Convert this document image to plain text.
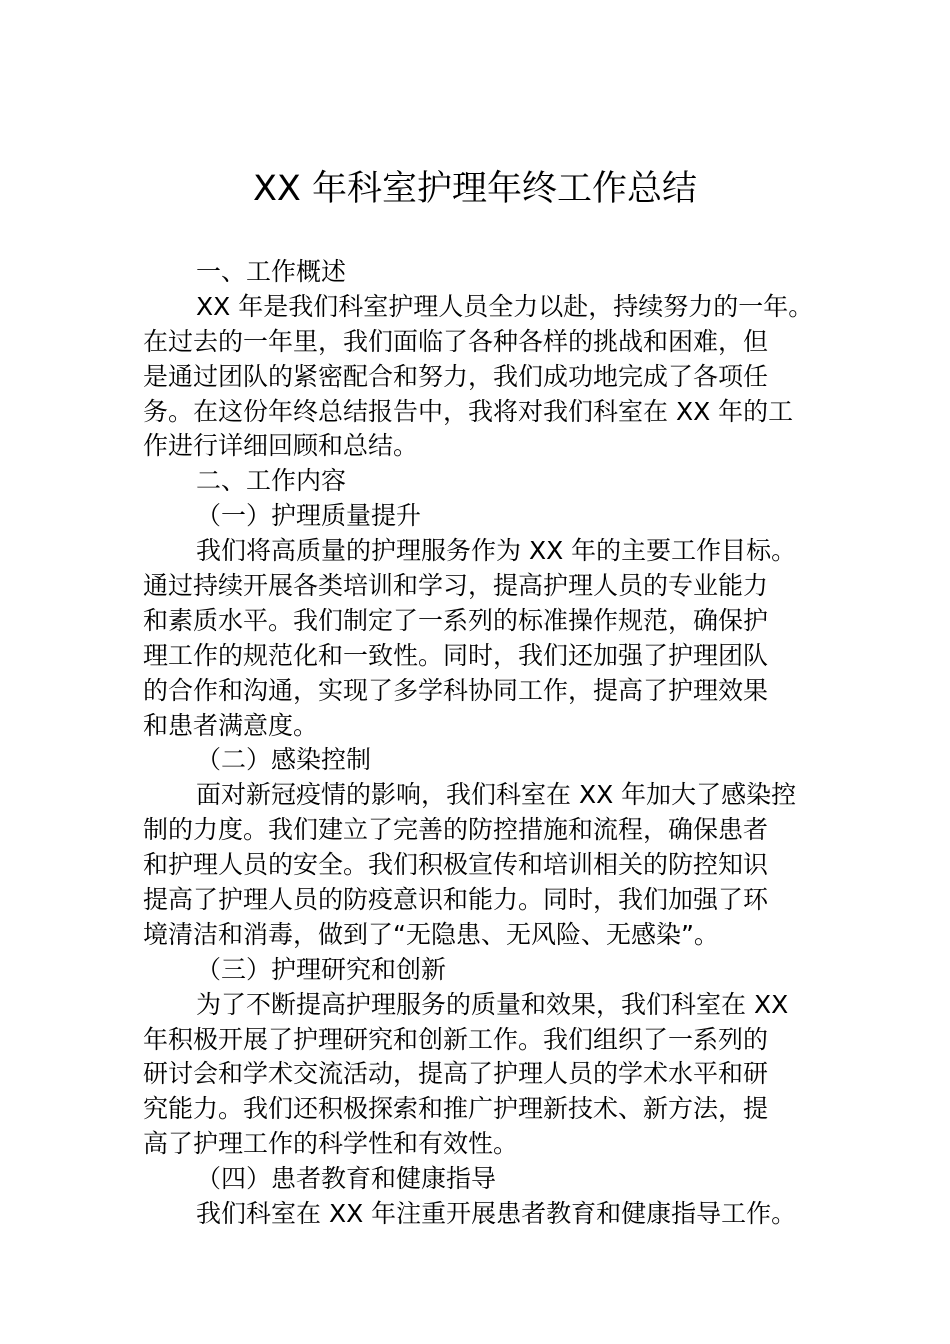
XX 年科室护理年终工作总结
一、工作概述
XX 年是我们科室护理人员全力以赴，持续努力的一年。
在过去的一年里，我们面临了各种各样的挑战和困难，但
是通过团队的紧密配合和努力，我们成功地完成了各项任
务。在这份年终总结报告中，我将对我们科室在 XX 年的工
作进行详细回顾和总结。
二、工作内容
（一）护理质量提升
我们将高质量的护理服务作为 XX 年的主要工作目标。
通过持续开展各类培训和学习，提高护理人员的专业能力
和素质水平。我们制定了一系列的标准操作规范，确保护
理工作的规范化和一致性。同时，我们还加强了护理团队
的合作和沟通，实现了多学科协同工作，提高了护理效果
和患者满意度。
（二）感染控制
面对新冠疫情的影响，我们科室在 XX 年加大了感染控
制的力度。我们建立了完善的防控措施和流程，确保患者
和护理人员的安全。我们积极宣传和培训相关的防控知识
提高了护理人员的防疫意识和能力。同时，我们加强了环
境清洁和消毒，做到了“无隐患、无风险、无感染”。
（三）护理研究和创新
为了不断提高护理服务的质量和效果，我们科室在 XX
年积极开展了护理研究和创新工作。我们组织了一系列的
研讨会和学术交流活动，提高了护理人员的学术水平和研
究能力。我们还积极探索和推广护理新技术、新方法，提
高了护理工作的科学性和有效性。
（四）患者教育和健康指导
我们科室在 XX 年注重开展患者教育和健康指导工作。
